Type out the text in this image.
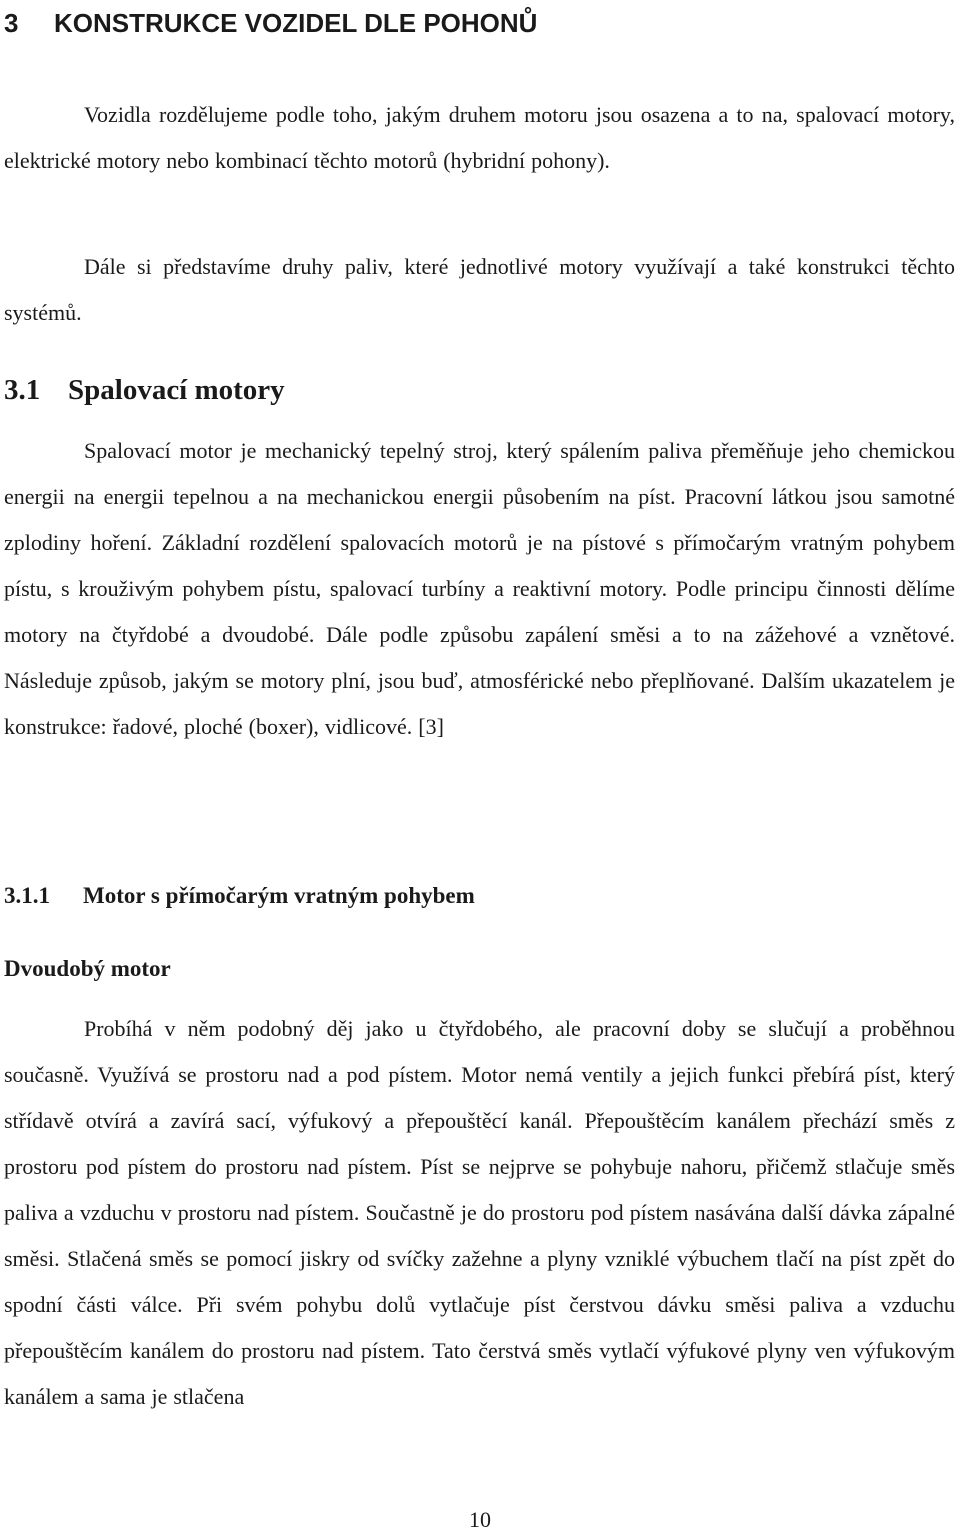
3 KONSTRUKCE VOZIDEL DLE POHONŮ

Vozidla rozdělujeme podle toho, jakým druhem motoru jsou osazena a to na, spalovací motory, elektrické motory nebo kombinací těchto motorů (hybridní pohony).

Dále si představíme druhy paliv, které jednotlivé motory využívají a také konstrukci těchto systémů.

3.1 Spalovací motory

Spalovací motor je mechanický tepelný stroj, který spálením paliva přeměňuje jeho chemickou energii na energii tepelnou a na mechanickou energii působením na píst. Pracovní látkou jsou samotné zplodiny hoření. Základní rozdělení spalovacích motorů je na pístové s přímočarým vratným pohybem pístu, s krouživým pohybem pístu, spalovací turbíny a reaktivní motory. Podle principu činnosti dělíme motory na čtyřdobé a dvoudobé. Dále podle způsobu zapálení směsi a to na zážehové a vznětové. Následuje způsob, jakým se motory plní, jsou buď, atmosférické nebo přeplňované. Dalším ukazatelem je konstrukce: řadové, ploché (boxer), vidlicové. [3]

3.1.1 Motor s přímočarým vratným pohybem
Dvoudobý motor

Probíhá v něm podobný děj jako u čtyřdobého, ale pracovní doby se slučují a proběhnou současně. Využívá se prostoru nad a pod pístem. Motor nemá ventily a jejich funkci přebírá píst, který střídavě otvírá a zavírá sací, výfukový a přepouštěcí kanál. Přepouštěcím kanálem přechází směs z prostoru pod pístem do prostoru nad pístem. Píst se nejprve se pohybuje nahoru, přičemž stlačuje směs paliva a vzduchu v prostoru nad pístem. Součastně je do prostoru pod pístem nasávána další dávka zápalné směsi. Stlačená směs se pomocí jiskry od svíčky zažehne a plyny vzniklé výbuchem tlačí na píst zpět do spodní části válce. Při svém pohybu dolů vytlačuje píst čerstvou dávku směsi paliva a vzduchu přepouštěcím kanálem do prostoru nad pístem. Tato čerstvá směs vytlačí výfukové plyny ven výfukovým kanálem a sama je stlačena

10
